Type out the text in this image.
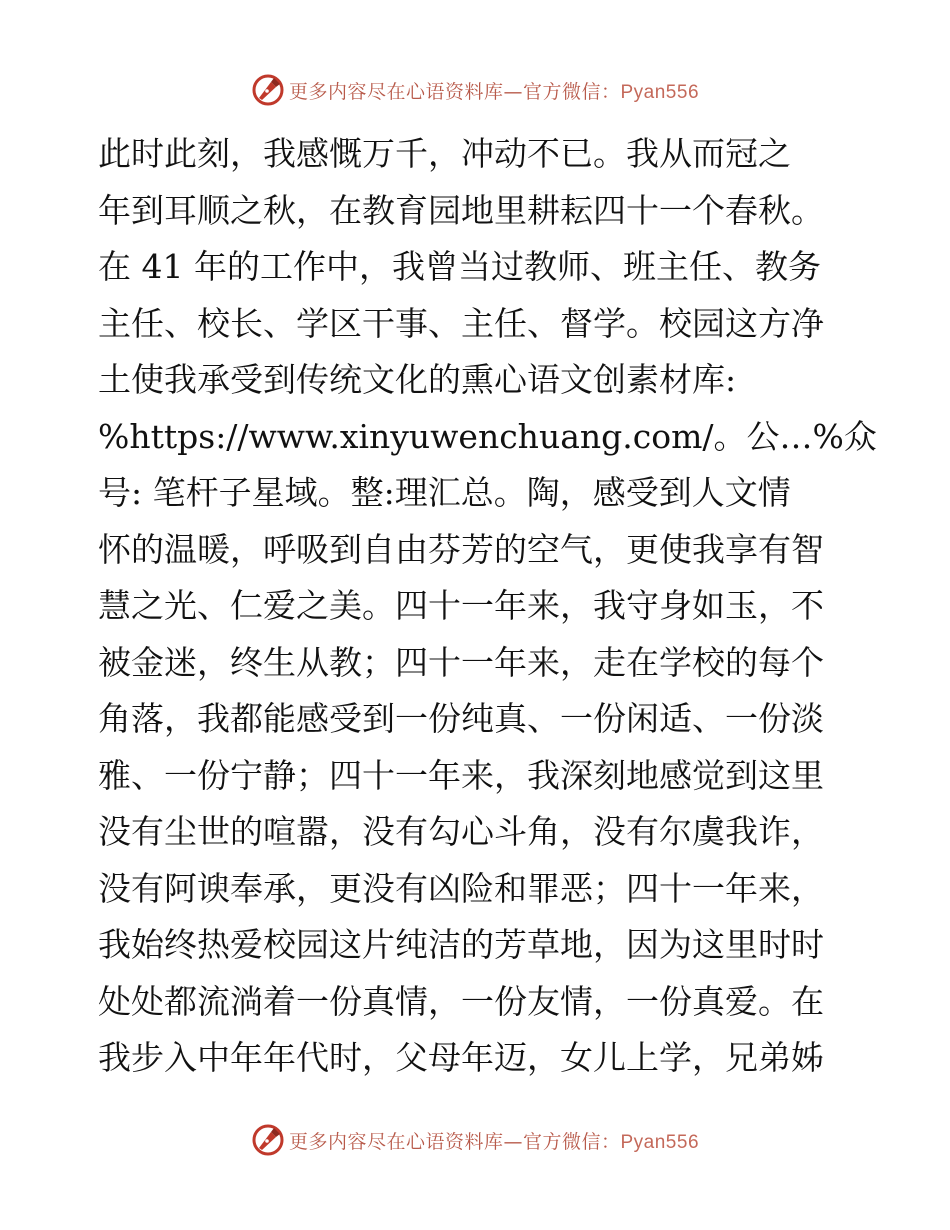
更多内容尽在心语资料库—官方微信：Pyan556
此时此刻，我感慨万千，冲动不已。我从而冠之
年到耳顺之秋，在教育园地里耕耘四十一个春秋。
在 41 年的工作中，我曾当过教师、班主任、教务
主任、校长、学区干事、主任、督学。校园这方净
土使我承受到传统文化的熏心语文创素材库:
%https://www.xinyuwenchuang.com/。公…%众
号: 笔杆子星域。整:理汇总。陶，感受到人文情
怀的温暖，呼吸到自由芬芳的空气，更使我享有智
慧之光、仁爱之美。四十一年来，我守身如玉，不
被金迷，终生从教；四十一年来，走在学校的每个
角落，我都能感受到一份纯真、一份闲适、一份淡
雅、一份宁静；四十一年来，我深刻地感觉到这里
没有尘世的喧嚣，没有勾心斗角，没有尔虞我诈，
没有阿谀奉承，更没有凶险和罪恶；四十一年来，
我始终热爱校园这片纯洁的芳草地，因为这里时时
处处都流淌着一份真情，一份友情，一份真爱。在
我步入中年年代时，父母年迈，女儿上学，兄弟姊
更多内容尽在心语资料库—官方微信：Pyan556
